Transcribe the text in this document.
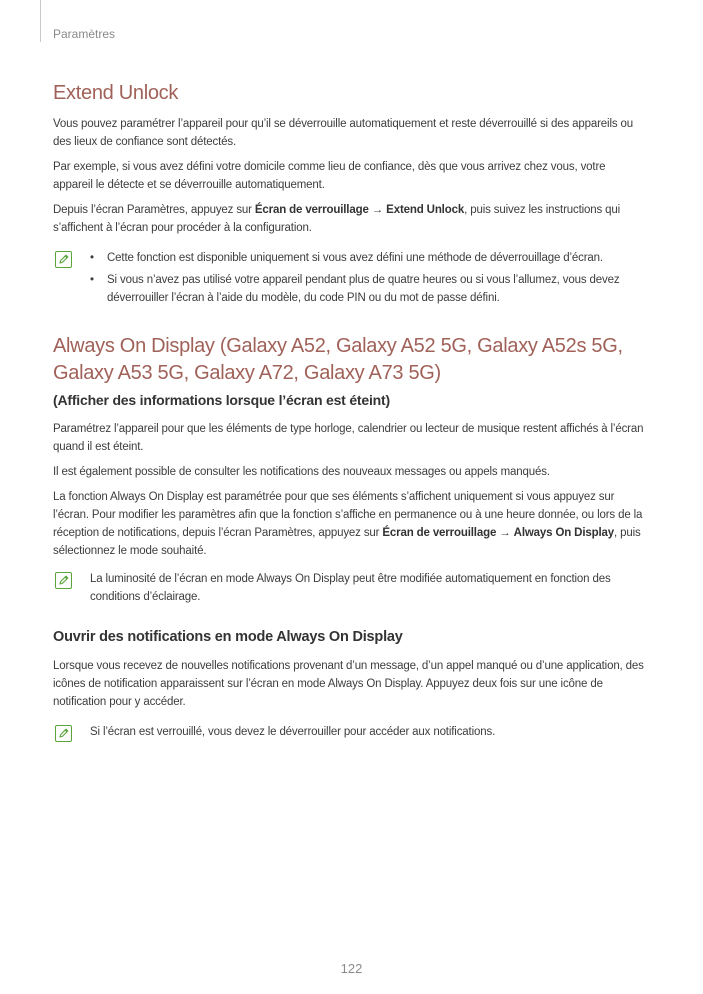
Paramètres
Extend Unlock

Vous pouvez paramétrer l’appareil pour qu’il se déverrouille automatiquement et reste déverrouillé si des appareils ou des lieux de confiance sont détectés.

Par exemple, si vous avez défini votre domicile comme lieu de confiance, dès que vous arrivez chez vous, votre appareil le détecte et se déverrouille automatiquement.

Depuis l’écran Paramètres, appuyez sur Écran de verrouillage → Extend Unlock, puis suivez les instructions qui s’affichent à l’écran pour procéder à la configuration.

• Cette fonction est disponible uniquement si vous avez défini une méthode de déverrouillage d’écran.
• Si vous n’avez pas utilisé votre appareil pendant plus de quatre heures ou si vous l’allumez, vous devez déverrouiller l’écran à l’aide du modèle, du code PIN ou du mot de passe défini.
Always On Display (Galaxy A52, Galaxy A52 5G, Galaxy A52s 5G, Galaxy A53 5G, Galaxy A72, Galaxy A73 5G)
(Afficher des informations lorsque l’écran est éteint)

Paramétrez l’appareil pour que les éléments de type horloge, calendrier ou lecteur de musique restent affichés à l’écran quand il est éteint.

Il est également possible de consulter les notifications des nouveaux messages ou appels manqués.

La fonction Always On Display est paramétrée pour que ses éléments s’affichent uniquement si vous appuyez sur l’écran. Pour modifier les paramètres afin que la fonction s’affiche en permanence ou à une heure donnée, ou lors de la réception de notifications, depuis l’écran Paramètres, appuyez sur Écran de verrouillage → Always On Display, puis sélectionnez le mode souhaité.

La luminosité de l’écran en mode Always On Display peut être modifiée automatiquement en fonction des conditions d’éclairage.

Ouvrir des notifications en mode Always On Display

Lorsque vous recevez de nouvelles notifications provenant d’un message, d’un appel manqué ou d’une application, des icônes de notification apparaissent sur l’écran en mode Always On Display. Appuyez deux fois sur une icône de notification pour y accéder.

Si l’écran est verrouillé, vous devez le déverrouiller pour accéder aux notifications.

122
